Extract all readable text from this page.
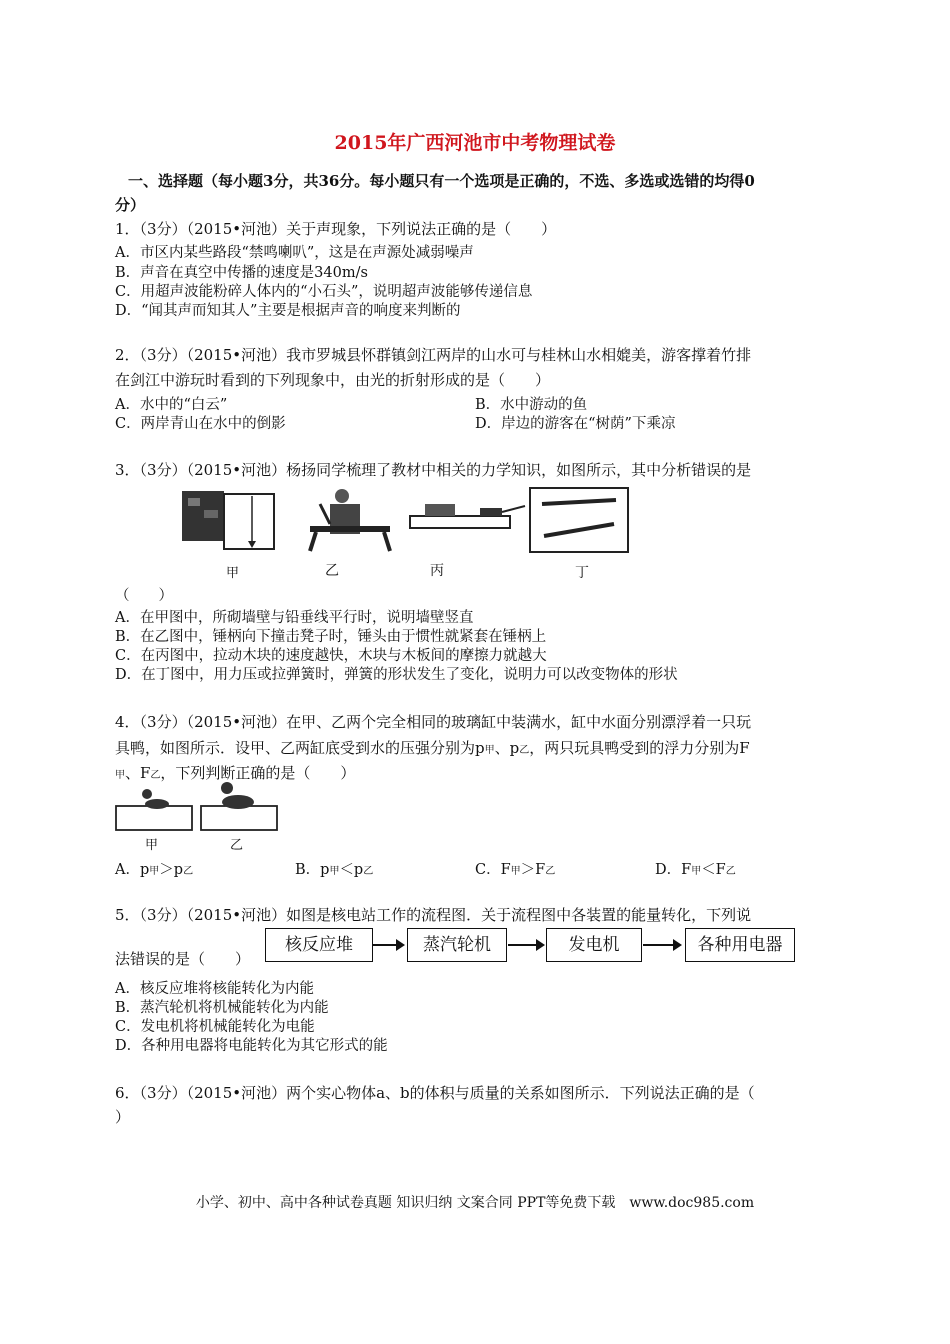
2015年广西河池市中考物理试卷
一、选择题（每小题3分，共36分。每小题只有一个选项是正确的，不选、多选或选错的均得0
分）
1．（3分）（2015•河池）关于声现象，下列说法正确的是（　　）
A．市区内某些路段“禁鸣喇叭”，这是在声源处减弱噪声
B．声音在真空中传播的速度是340m/s
C．用超声波能粉碎人体内的“小石头”，说明超声波能够传递信息
D．“闻其声而知其人”主要是根据声音的响度来判断的
2．（3分）（2015•河池）我市罗城县怀群镇剑江两岸的山水可与桂林山水相媲美，游客撑着竹排
在剑江中游玩时看到的下列现象中，由光的折射形成的是（　　）
A．水中的“白云”	B．水中游动的鱼
C．两岸青山在水中的倒影	D．岸边的游客在“树荫”下乘凉
3．（3分）（2015•河池）杨扬同学梳理了教材中相关的力学知识，如图所示，其中分析错误的是
甲	乙	丙	丁
（　　）
A．在甲图中，所砌墙壁与铅垂线平行时，说明墙壁竖直
B．在乙图中，锤柄向下撞击凳子时，锤头由于惯性就紧套在锤柄上
C．在丙图中，拉动木块的速度越快，木块与木板间的摩擦力就越大
D．在丁图中，用力压或拉弹簧时，弹簧的形状发生了变化，说明力可以改变物体的形状
4．（3分）（2015•河池）在甲、乙两个完全相同的玻璃缸中装满水，缸中水面分别漂浮着一只玩
具鸭，如图所示．设甲、乙两缸底受到水的压强分别为p甲、p乙，两只玩具鸭受到的浮力分别为F
甲、F乙，下列判断正确的是（　　）
甲	乙
A．p甲＞p乙	B．p甲＜p乙	C．F甲＞F乙	D．F甲＜F乙
5．（3分）（2015•河池）如图是核电站工作的流程图．关于流程图中各装置的能量转化，下列说
核反应堆	蒸汽轮机	发电机	各种用电器
法错误的是（　　）
A．核反应堆将核能转化为内能
B．蒸汽轮机将机械能转化为内能
C．发电机将机械能转化为电能
D．各种用电器将电能转化为其它形式的能
6．（3分）（2015•河池）两个实心物体a、b的体积与质量的关系如图所示．下列说法正确的是（
）
小学、初中、高中各种试卷真题 知识归纳 文案合同 PPT等免费下载　www.doc985.com
